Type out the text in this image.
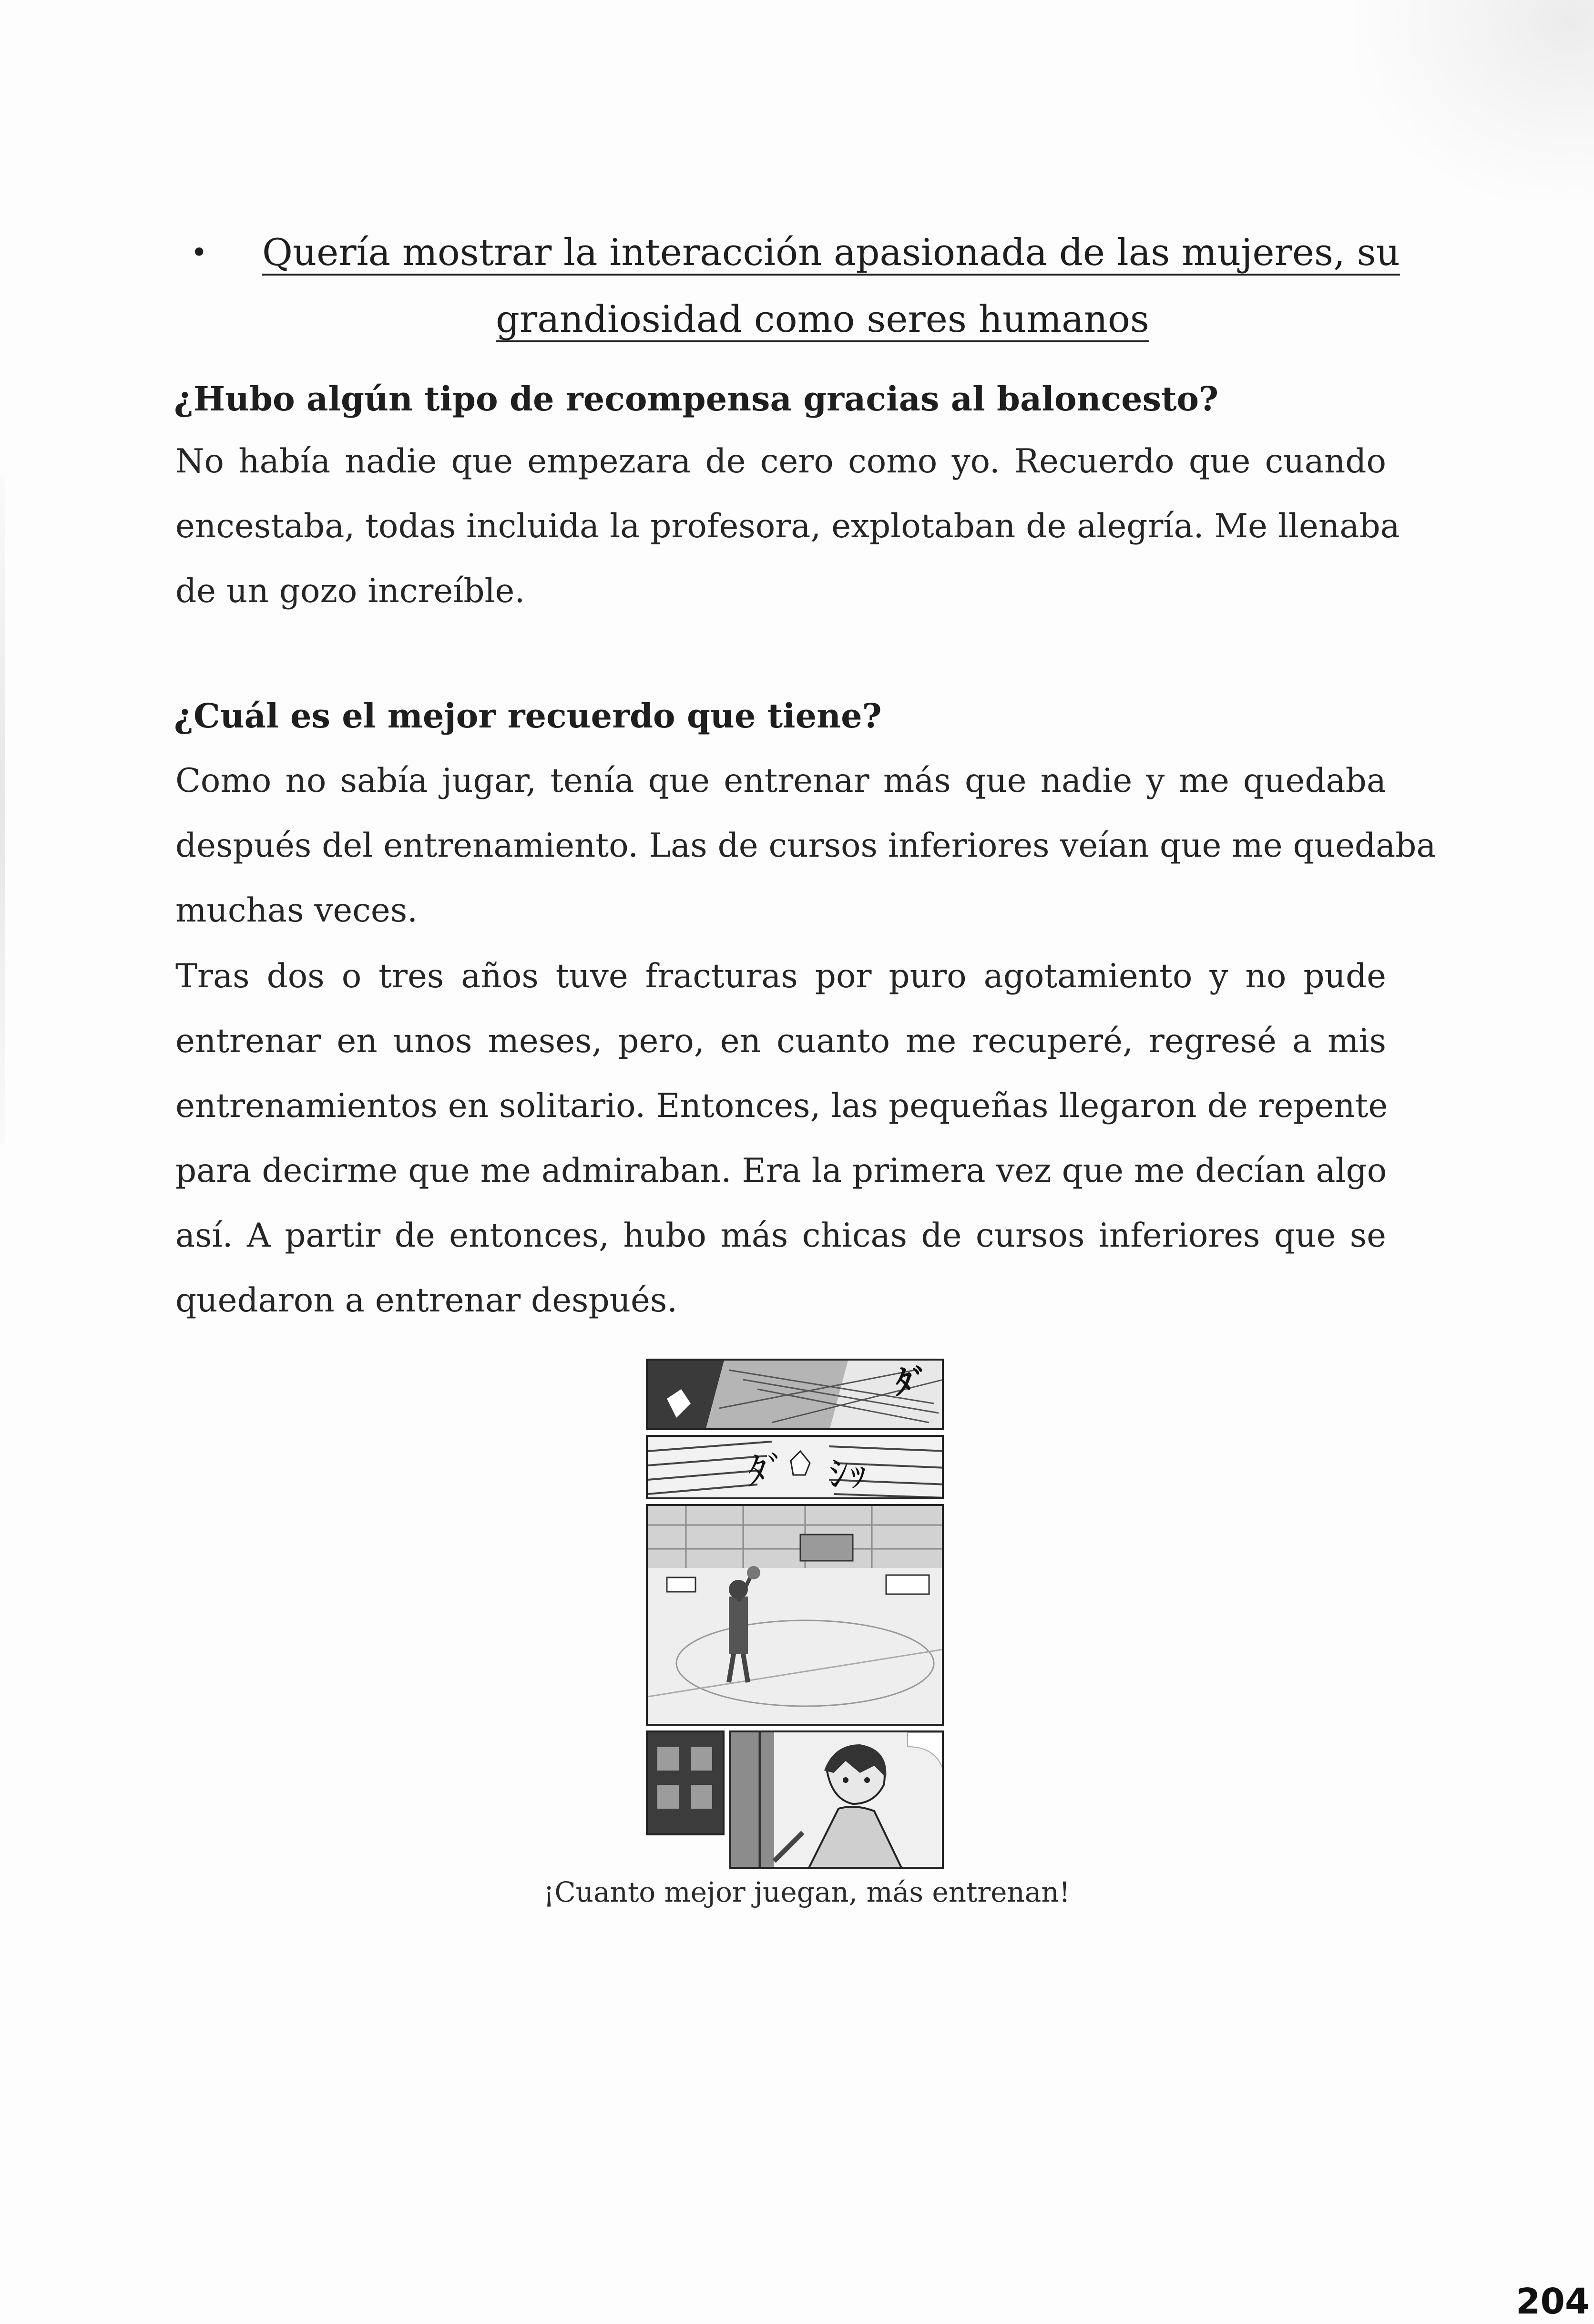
• Quería mostrar la interacción apasionada de las mujeres, su
grandiosidad como seres humanos
¿Hubo algún tipo de recompensa gracias al baloncesto?
No había nadie que empezara de cero como yo. Recuerdo que cuando
encestaba, todas incluida la profesora, explotaban de alegría. Me llenaba
de un gozo increíble.
¿Cuál es el mejor recuerdo que tiene?
Como no sabía jugar, tenía que entrenar más que nadie y me quedaba
después del entrenamiento. Las de cursos inferiores veían que me quedaba
muchas veces.
Tras dos o tres años tuve fracturas por puro agotamiento y no pude
entrenar en unos meses, pero, en cuanto me recuperé, regresé a mis
entrenamientos en solitario. Entonces, las pequeñas llegaron de repente
para decirme que me admiraban. Era la primera vez que me decían algo
así. A partir de entonces, hubo más chicas de cursos inferiores que se
quedaron a entrenar después.
ﾀﾞ
ﾀﾞ ｼｯ
¡Cuanto mejor juegan, más entrenan!
204
